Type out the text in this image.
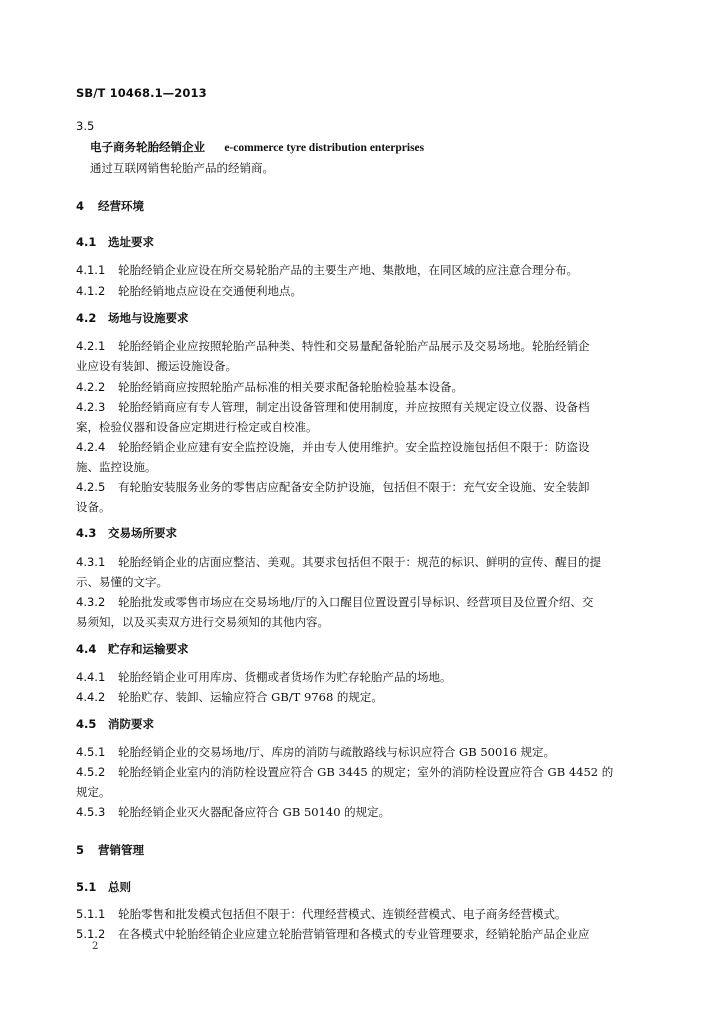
SB/T 10468.1—2013
3.5
电子商务轮胎经销企业 e-commerce tyre distribution enterprises
通过互联网销售轮胎产品的经销商。
4 经营环境
4.1 选址要求
4.1.1 轮胎经销企业应设在所交易轮胎产品的主要生产地、集散地，在同区域的应注意合理分布。
4.1.2 轮胎经销地点应设在交通便利地点。
4.2 场地与设施要求
4.2.1 轮胎经销企业应按照轮胎产品种类、特性和交易量配备轮胎产品展示及交易场地。轮胎经销企
业应设有装卸、搬运设施设备。
4.2.2 轮胎经销商应按照轮胎产品标准的相关要求配备轮胎检验基本设备。
4.2.3 轮胎经销商应有专人管理，制定出设备管理和使用制度，并应按照有关规定设立仪器、设备档
案，检验仪器和设备应定期进行检定或自校准。
4.2.4 轮胎经销企业应建有安全监控设施，并由专人使用维护。安全监控设施包括但不限于：防盗设
施、监控设施。
4.2.5 有轮胎安装服务业务的零售店应配备安全防护设施，包括但不限于：充气安全设施、安全装卸
设备。
4.3 交易场所要求
4.3.1 轮胎经销企业的店面应整洁、美观。其要求包括但不限于：规范的标识、鲜明的宣传、醒目的提
示、易懂的文字。
4.3.2 轮胎批发或零售市场应在交易场地/厅的入口醒目位置设置引导标识、经营项目及位置介绍、交
易须知，以及买卖双方进行交易须知的其他内容。
4.4 贮存和运输要求
4.4.1 轮胎经销企业可用库房、货棚或者货场作为贮存轮胎产品的场地。
4.4.2 轮胎贮存、装卸、运输应符合 GB/T 9768 的规定。
4.5 消防要求
4.5.1 轮胎经销企业的交易场地/厅、库房的消防与疏散路线与标识应符合 GB 50016 规定。
4.5.2 轮胎经销企业室内的消防栓设置应符合 GB 3445 的规定；室外的消防栓设置应符合 GB 4452 的
规定。
4.5.3 轮胎经销企业灭火器配备应符合 GB 50140 的规定。
5 营销管理
5.1 总则
5.1.1 轮胎零售和批发模式包括但不限于：代理经营模式、连锁经营模式、电子商务经营模式。
5.1.2 在各模式中轮胎经销企业应建立轮胎营销管理和各模式的专业管理要求，经销轮胎产品企业应
2
